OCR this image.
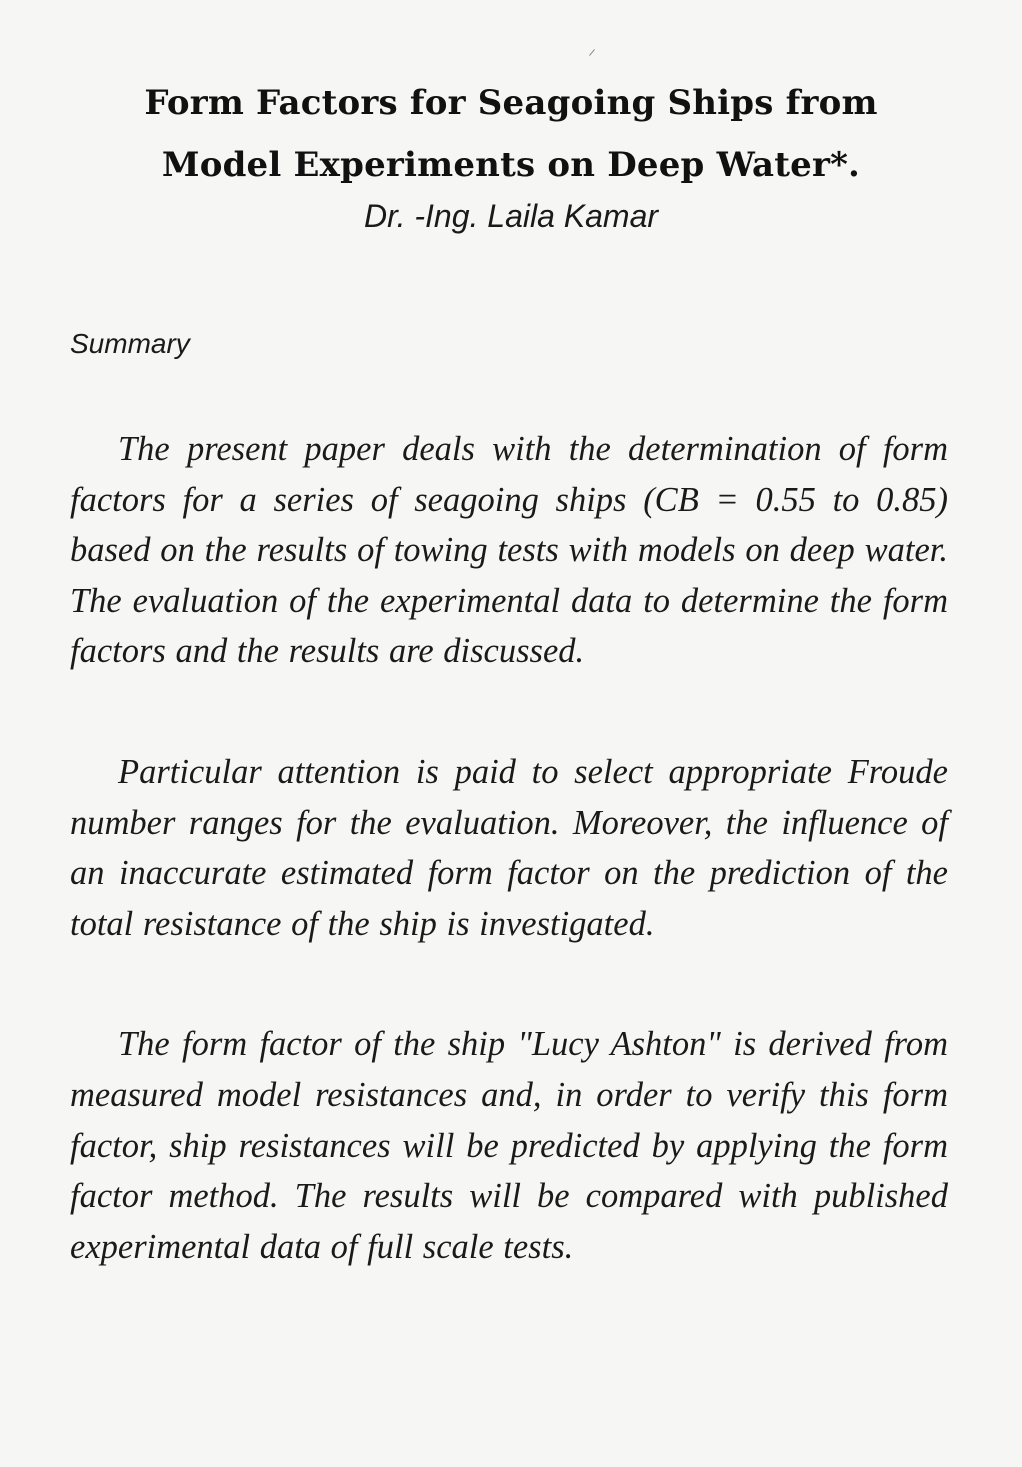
Form Factors for Seagoing Ships from
Model Experiments on Deep Water*.
Dr. -Ing. Laila Kamar
Summary

The present paper deals with the determination of form factors for a series of seagoing ships (CB = 0.55 to 0.85) based on the results of towing tests with models on deep water. The evaluation of the experimental data to determine the form factors and the results are discussed.

Particular attention is paid to select appropriate Froude number ranges for the evaluation. Moreover, the influence of an inaccurate estimated form factor on the prediction of the total resistance of the ship is investigated.

The form factor of the ship "Lucy Ashton" is derived from measured model resistances and, in order to verify this form factor, ship resistances will be predicted by applying the form factor method. The results will be compared with published experimental data of full scale tests.
